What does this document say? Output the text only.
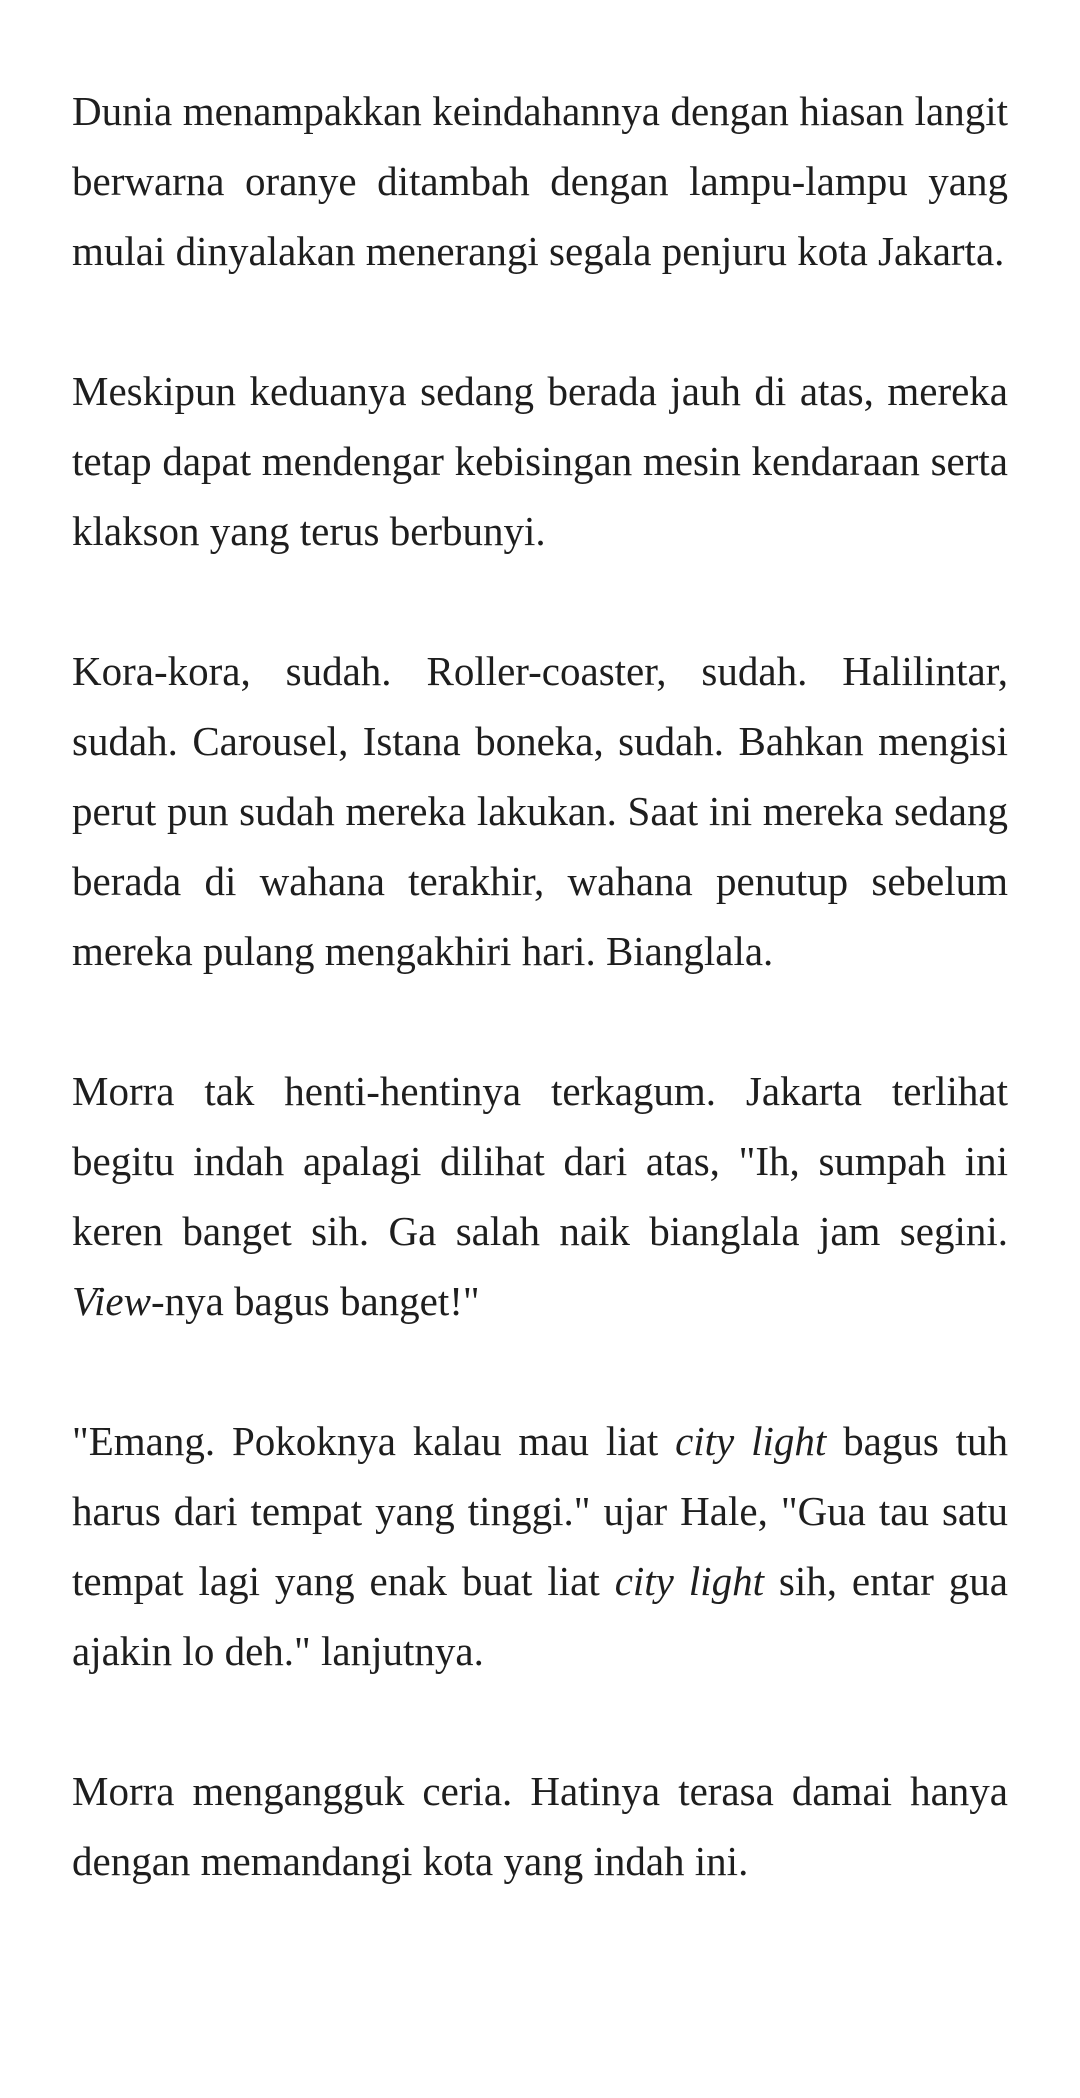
Dunia menampakkan keindahannya dengan hiasan langit berwarna oranye ditambah dengan lampu-lampu yang mulai dinyalakan menerangi segala penjuru kota Jakarta.

Meskipun keduanya sedang berada jauh di atas, mereka tetap dapat mendengar kebisingan mesin kendaraan serta klakson yang terus berbunyi.

Kora-kora, sudah. Roller-coaster, sudah. Halilintar, sudah. Carousel, Istana boneka, sudah. Bahkan mengisi perut pun sudah mereka lakukan. Saat ini mereka sedang berada di wahana terakhir, wahana penutup sebelum mereka pulang mengakhiri hari. Bianglala.

Morra tak henti-hentinya terkagum. Jakarta terlihat begitu indah apalagi dilihat dari atas, "Ih, sumpah ini keren banget sih. Ga salah naik bianglala jam segini. View-nya bagus banget!"

"Emang. Pokoknya kalau mau liat city light bagus tuh harus dari tempat yang tinggi." ujar Hale, "Gua tau satu tempat lagi yang enak buat liat city light sih, entar gua ajakin lo deh." lanjutnya.

Morra mengangguk ceria. Hatinya terasa damai hanya dengan memandangi kota yang indah ini.
